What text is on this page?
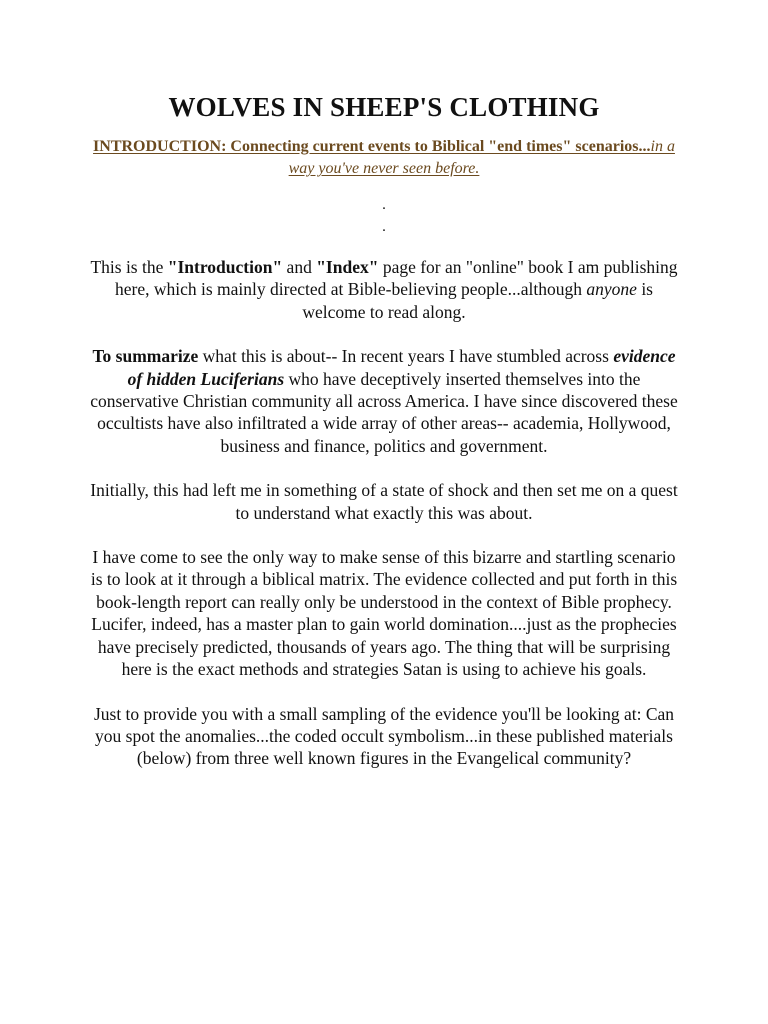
WOLVES IN SHEEP'S CLOTHING

INTRODUCTION: Connecting current events to Biblical "end times" scenarios...in a way you've never seen before.

.
.

This is the "Introduction" and "Index" page for an "online" book I am publishing here, which is mainly directed at Bible-believing people...although anyone is welcome to read along.

To summarize what this is about-- In recent years I have stumbled across evidence of hidden Luciferians who have deceptively inserted themselves into the conservative Christian community all across America. I have since discovered these occultists have also infiltrated a wide array of other areas-- academia, Hollywood, business and finance, politics and government.

Initially, this had left me in something of a state of shock and then set me on a quest to understand what exactly this was about.

I have come to see the only way to make sense of this bizarre and startling scenario is to look at it through a biblical matrix. The evidence collected and put forth in this book-length report can really only be understood in the context of Bible prophecy. Lucifer, indeed, has a master plan to gain world domination....just as the prophecies have precisely predicted, thousands of years ago. The thing that will be surprising here is the exact methods and strategies Satan is using to achieve his goals.

Just to provide you with a small sampling of the evidence you'll be looking at: Can you spot the anomalies...the coded occult symbolism...in these published materials (below) from three well known figures in the Evangelical community?
